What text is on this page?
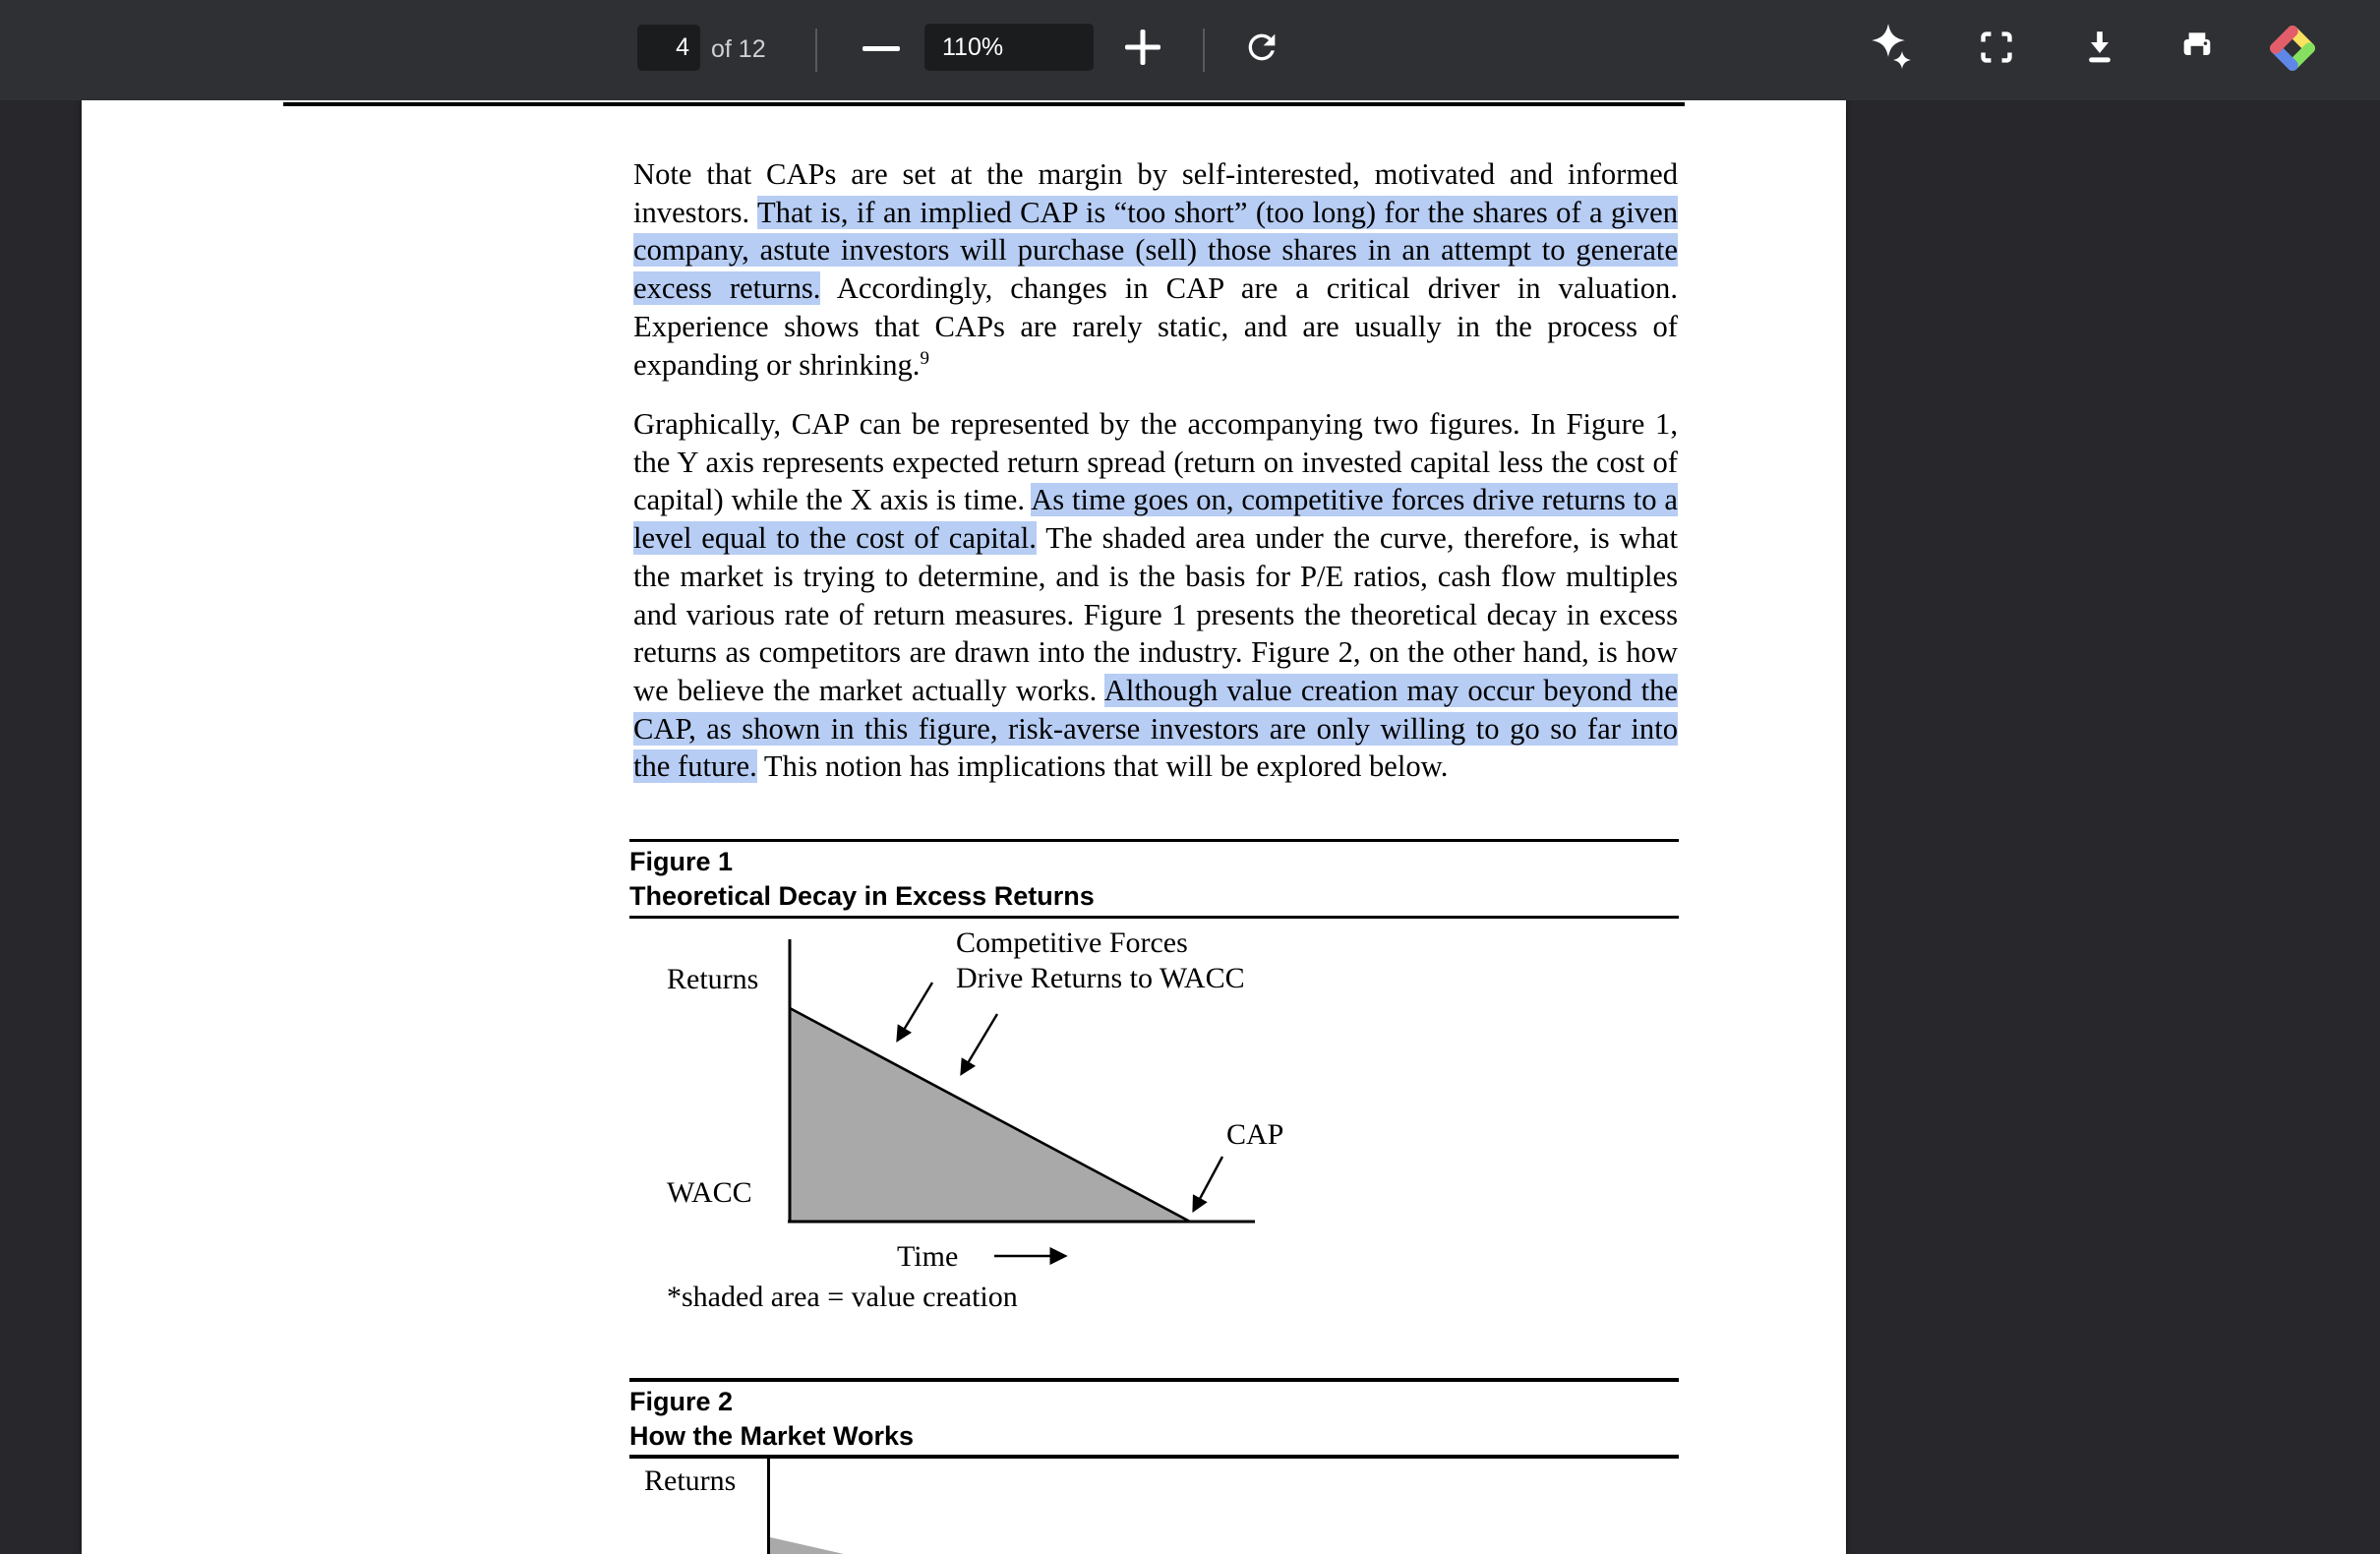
4
of 12
110%
Note that CAPs are set at the margin by self-interested, motivated and informed investors. That is, if an implied CAP is “too short” (too long) for the shares of a given company, astute investors will purchase (sell) those shares in an attempt to generate excess returns. Accordingly, changes in CAP are a critical driver in valuation. Experience shows that CAPs are rarely static, and are usually in the process of expanding or shrinking.$^9$
Graphically, CAP can be represented by the accompanying two figures. In Figure 1, the Y axis represents expected return spread (return on invested capital less the cost of capital) while the X axis is time. As time goes on, competitive forces drive returns to a level equal to the cost of capital. The shaded area under the curve, therefore, is what the market is trying to determine, and is the basis for P/E ratios, cash flow multiples and various rate of return measures. Figure 1 presents the theoretical decay in excess returns as competitors are drawn into the industry. Figure 2, on the other hand, is how we believe the market actually works. Although value creation may occur beyond the CAP, as shown in this figure, risk-averse investors are only willing to go so far into the future. This notion has implications that will be explored below.
Figure 1
Theoretical Decay in Excess Returns
Returns
WACC
Competitive Forces
Drive Returns to WACC
CAP
Time
*shaded area = value creation
Figure 2
How the Market Works
Returns
